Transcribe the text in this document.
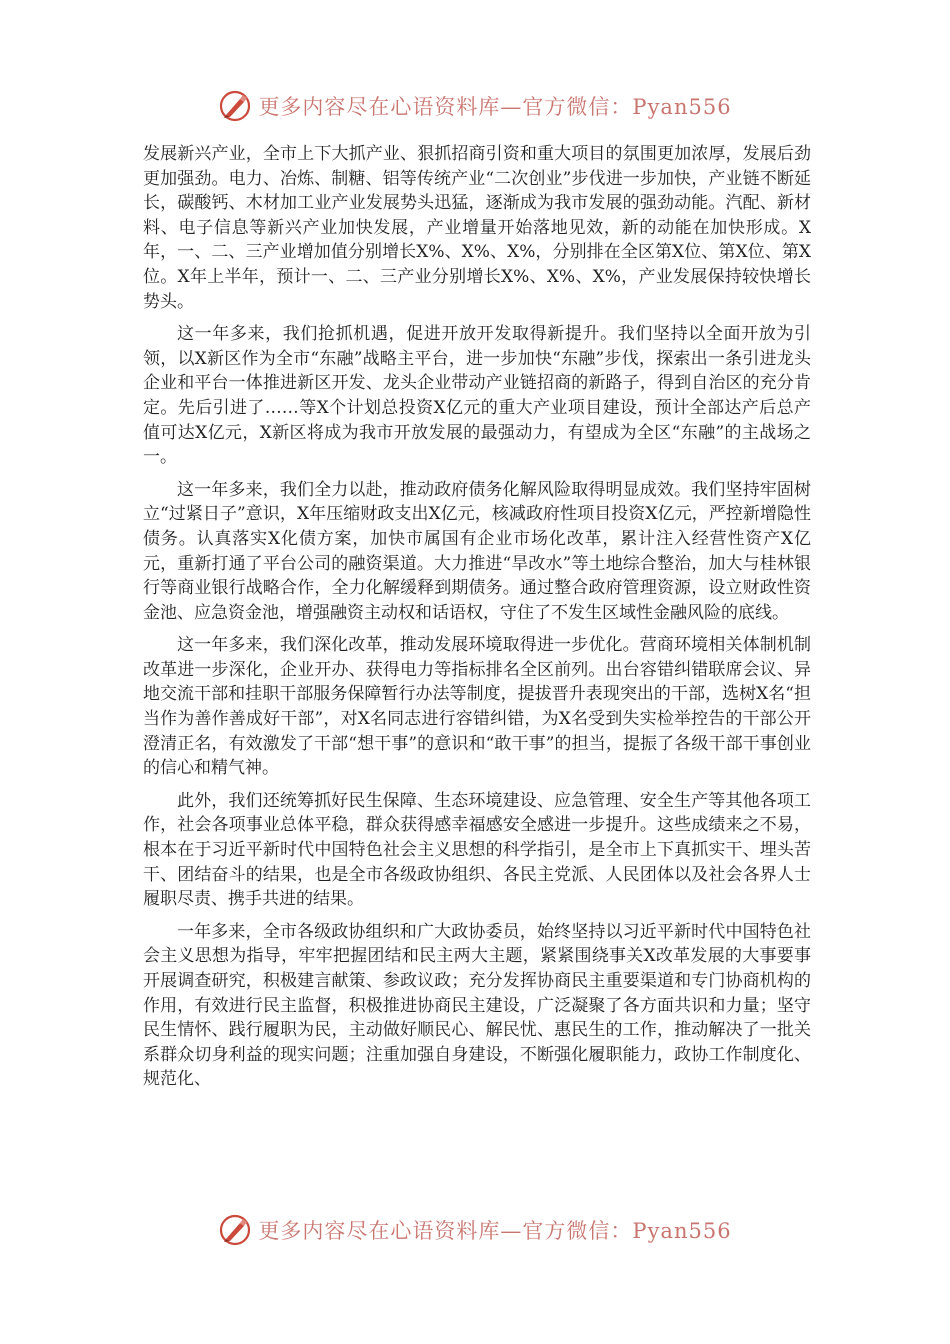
更多内容尽在心语资料库—官方微信：Pyan556

发展新兴产业，全市上下大抓产业、狠抓招商引资和重大项目的氛围更加浓厚，发展后劲更加强劲。电力、冶炼、制糖、铝等传统产业“二次创业”步伐进一步加快，产业链不断延长，碳酸钙、木材加工业产业发展势头迅猛，逐渐成为我市发展的强劲动能。汽配、新材料、电子信息等新兴产业加快发展，产业增量开始落地见效，新的动能在加快形成。X年，一、二、三产业增加值分别增长X%、X%、X%，分别排在全区第X位、第X位、第X位。X年上半年，预计一、二、三产业分别增长X%、X%、X%，产业发展保持较快增长势头。

这一年多来，我们抢抓机遇，促进开放开发取得新提升。我们坚持以全面开放为引领，以X新区作为全市“东融”战略主平台，进一步加快“东融”步伐，探索出一条引进龙头企业和平台一体推进新区开发、龙头企业带动产业链招商的新路子，得到自治区的充分肯定。先后引进了……等X个计划总投资X亿元的重大产业项目建设，预计全部达产后总产值可达X亿元，X新区将成为我市开放发展的最强动力，有望成为全区“东融”的主战场之一。

这一年多来，我们全力以赴，推动政府债务化解风险取得明显成效。我们坚持牢固树立“过紧日子”意识，X年压缩财政支出X亿元，核减政府性项目投资X亿元，严控新增隐性债务。认真落实X化债方案，加快市属国有企业市场化改革，累计注入经营性资产X亿元，重新打通了平台公司的融资渠道。大力推进“旱改水”等土地综合整治，加大与桂林银行等商业银行战略合作，全力化解缓释到期债务。通过整合政府管理资源，设立财政性资金池、应急资金池，增强融资主动权和话语权，守住了不发生区域性金融风险的底线。

这一年多来，我们深化改革，推动发展环境取得进一步优化。营商环境相关体制机制改革进一步深化，企业开办、获得电力等指标排名全区前列。出台容错纠错联席会议、异地交流干部和挂职干部服务保障暂行办法等制度，提拔晋升表现突出的干部，选树X名“担当作为善作善成好干部”，对X名同志进行容错纠错，为X名受到失实检举控告的干部公开澄清正名，有效激发了干部“想干事”的意识和“敢干事”的担当，提振了各级干部干事创业的信心和精气神。

此外，我们还统筹抓好民生保障、生态环境建设、应急管理、安全生产等其他各项工作，社会各项事业总体平稳，群众获得感幸福感安全感进一步提升。这些成绩来之不易，根本在于习近平新时代中国特色社会主义思想的科学指引，是全市上下真抓实干、埋头苦干、团结奋斗的结果，也是全市各级政协组织、各民主党派、人民团体以及社会各界人士履职尽责、携手共进的结果。

一年多来，全市各级政协组织和广大政协委员，始终坚持以习近平新时代中国特色社会主义思想为指导，牢牢把握团结和民主两大主题，紧紧围绕事关X改革发展的大事要事开展调查研究，积极建言献策、参政议政；充分发挥协商民主重要渠道和专门协商机构的作用，有效进行民主监督，积极推进协商民主建设，广泛凝聚了各方面共识和力量；坚守民生情怀、践行履职为民，主动做好顺民心、解民忧、惠民生的工作，推动解决了一批关系群众切身利益的现实问题；注重加强自身建设，不断强化履职能力，政协工作制度化、规范化、

更多内容尽在心语资料库—官方微信：Pyan556
